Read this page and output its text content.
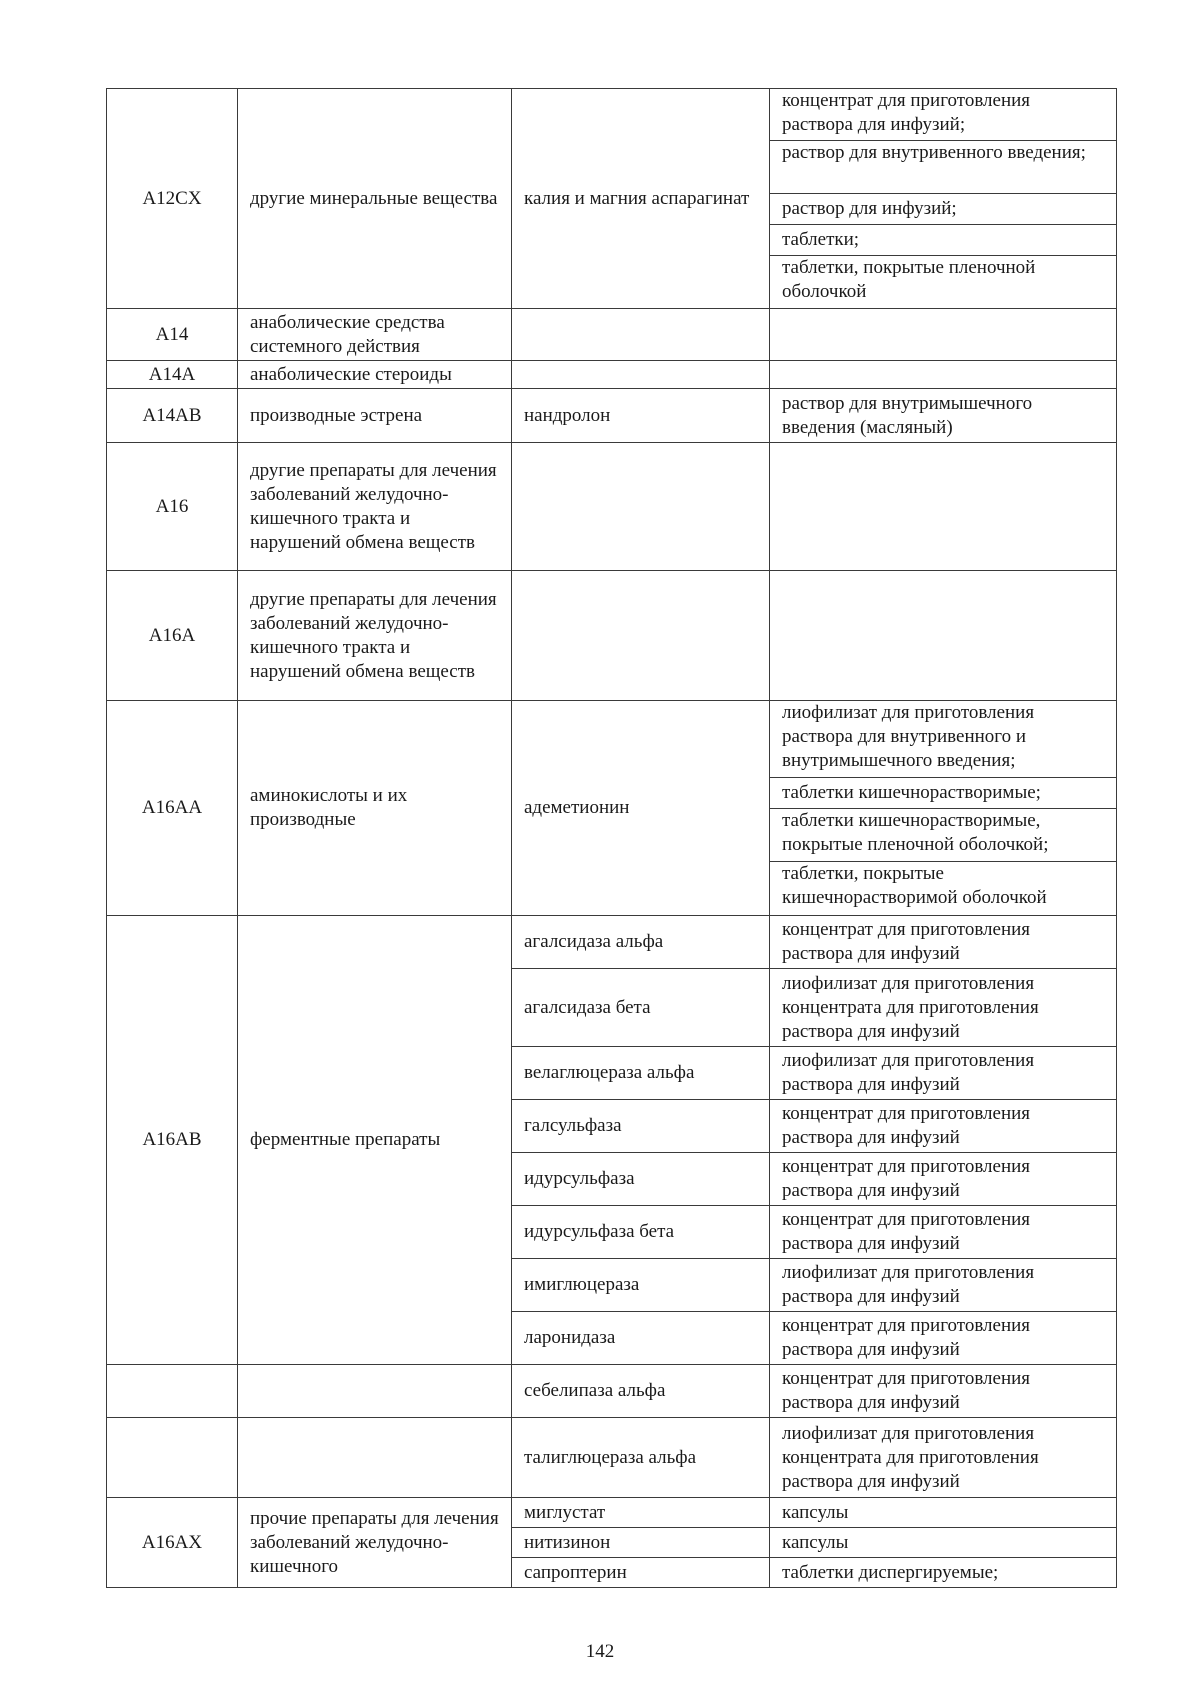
A12CX	другие минеральные вещества	калия и магния аспарагинат	концентрат для приготовления раствора для инфузий;
раствор для внутривенного введения;
раствор для инфузий;
таблетки;
таблетки, покрытые пленочной оболочкой

A14	анаболические средства системного действия		
A14A	анаболические стероиды		
A14AB	производные эстрена	нандролон	раствор для внутримышечного введения (масляный)
A16	другие препараты для лечения заболеваний желудочно-кишечного тракта и нарушений обмена веществ		
A16A	другие препараты для лечения заболеваний желудочно-кишечного тракта и нарушений обмена веществ		
A16AA	аминокислоты и их производные	адеметионин	лиофилизат для приготовления раствора для внутривенного и внутримышечного введения;
таблетки кишечнорастворимые;
таблетки кишечнорастворимые, покрытые пленочной оболочкой;
таблетки, покрытые кишечнорастворимой оболочкой

A16AB	ферментные препараты	агалсидаза альфа	концентрат для приготовления раствора для инфузий
		агалсидаза бета	лиофилизат для приготовления концентрата для приготовления раствора для инфузий
		велаглюцераза альфа	лиофилизат для приготовления раствора для инфузий
		галсульфаза	концентрат для приготовления раствора для инфузий
		идурсульфаза	концентрат для приготовления раствора для инфузий
		идурсульфаза бета	концентрат для приготовления раствора для инфузий
		имиглюцераза	лиофилизат для приготовления раствора для инфузий
		ларонидаза	концентрат для приготовления раствора для инфузий
		себелипаза альфа	концентрат для приготовления раствора для инфузий
		талиглюцераза альфа	лиофилизат для приготовления концентрата для приготовления раствора для инфузий
A16AX	прочие препараты для лечения заболеваний желудочно-кишечного	миглустат	капсулы
		нитизинон	капсулы
		сапроптерин	таблетки диспергируемые;
142
